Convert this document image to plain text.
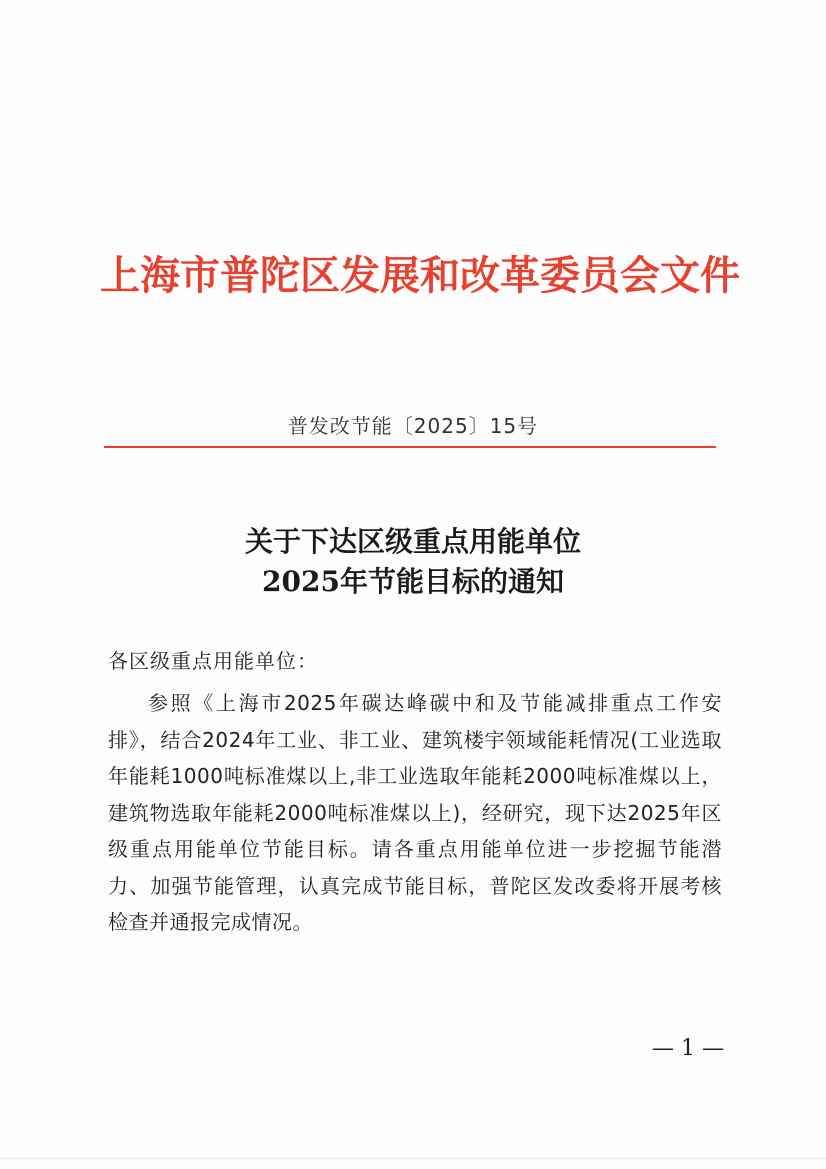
上海市普陀区发展和改革委员会文件
普发改节能〔2025〕15号
关于下达区级重点用能单位
2025年节能目标的通知
各区级重点用能单位：
参照《上海市2025年碳达峰碳中和及节能减排重点工作安排》，结合2024年工业、非工业、建筑楼宇领域能耗情况(工业选取年能耗1000吨标准煤以上,非工业选取年能耗2000吨标准煤以上，建筑物选取年能耗2000吨标准煤以上)，经研究，现下达2025年区级重点用能单位节能目标。请各重点用能单位进一步挖掘节能潜力、加强节能管理，认真完成节能目标，普陀区发改委将开展考核检查并通报完成情况。
— 1 —
